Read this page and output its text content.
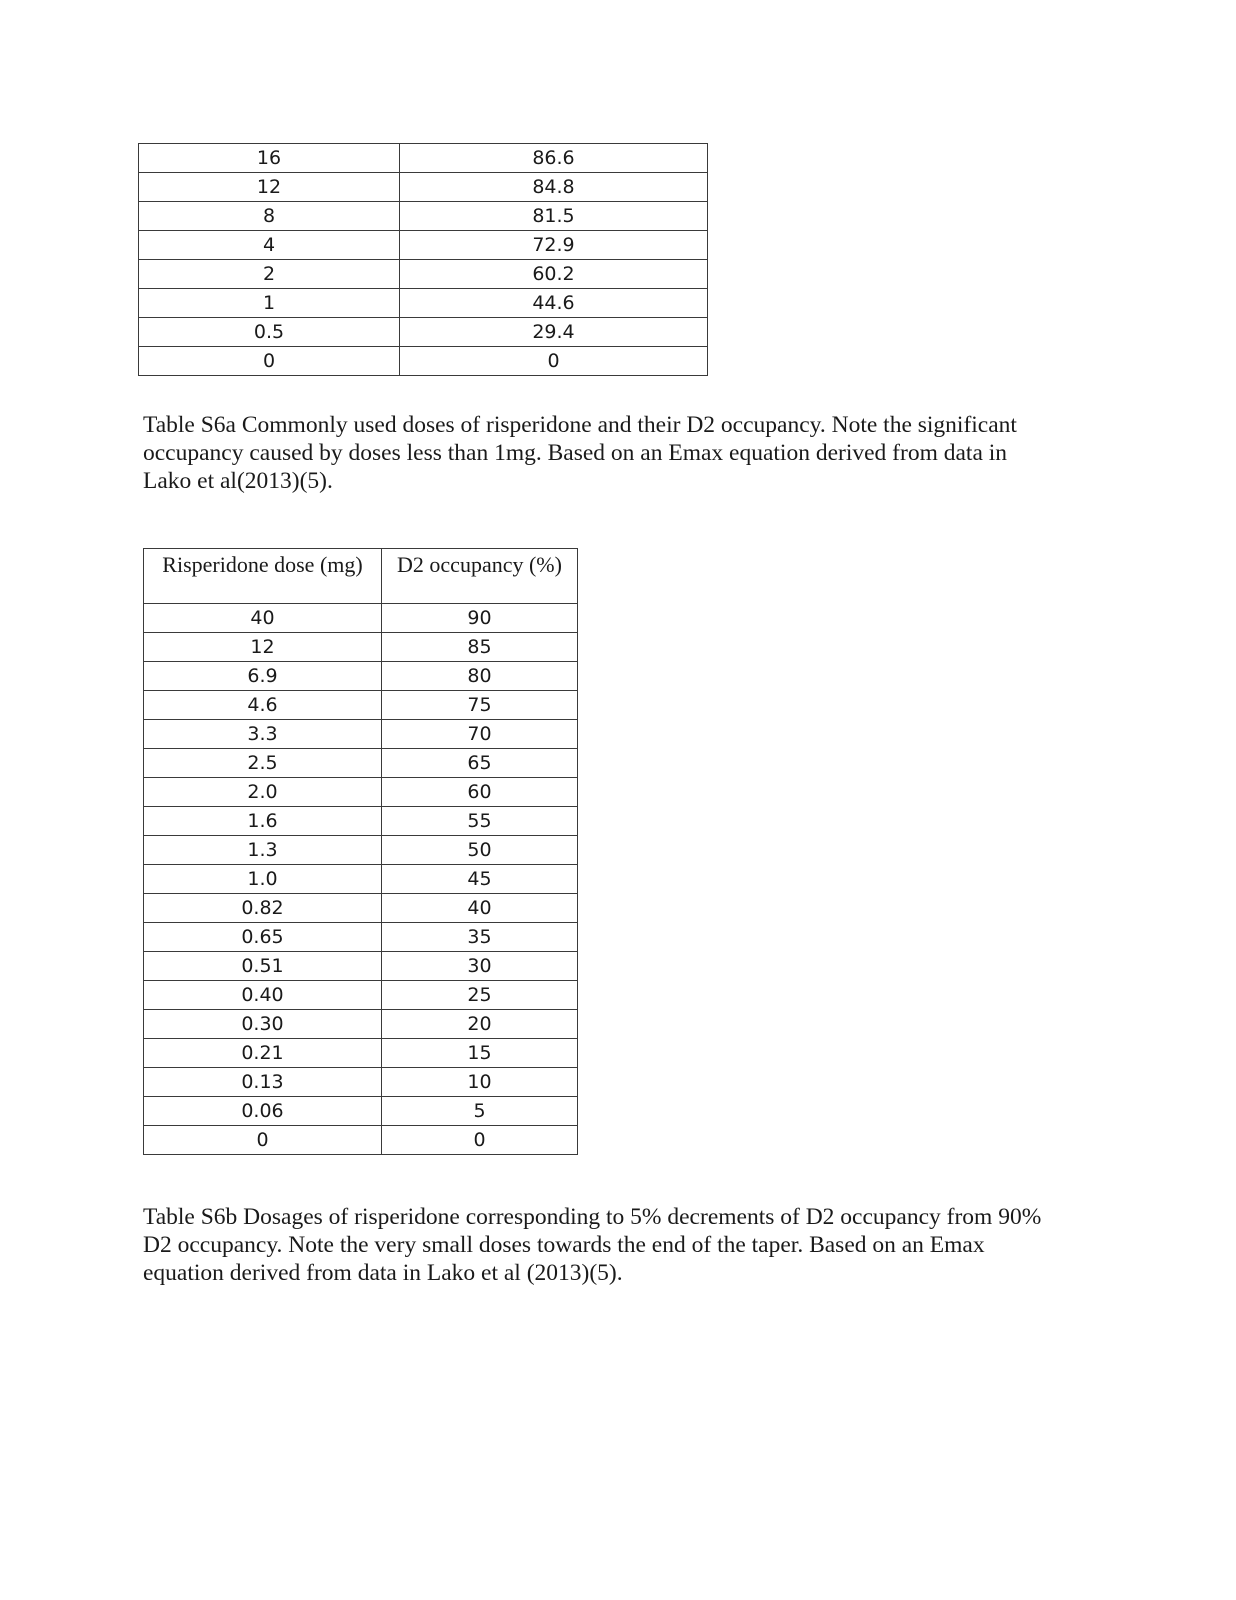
16	86.6
12	84.8
8	81.5
4	72.9
2	60.2
1	44.6
0.5	29.4
0	0

Table S6a Commonly used doses of risperidone and their D2 occupancy. Note the significant occupancy caused by doses less than 1mg. Based on an Emax equation derived from data in Lako et al(2013)(5).

Risperidone dose (mg)	D2 occupancy (%)
40	90
12	85
6.9	80
4.6	75
3.3	70
2.5	65
2.0	60
1.6	55
1.3	50
1.0	45
0.82	40
0.65	35
0.51	30
0.40	25
0.30	20
0.21	15
0.13	10
0.06	5
0	0

Table S6b Dosages of risperidone corresponding to 5% decrements of D2 occupancy from 90% D2 occupancy. Note the very small doses towards the end of the taper. Based on an Emax equation derived from data in Lako et al (2013)(5).
